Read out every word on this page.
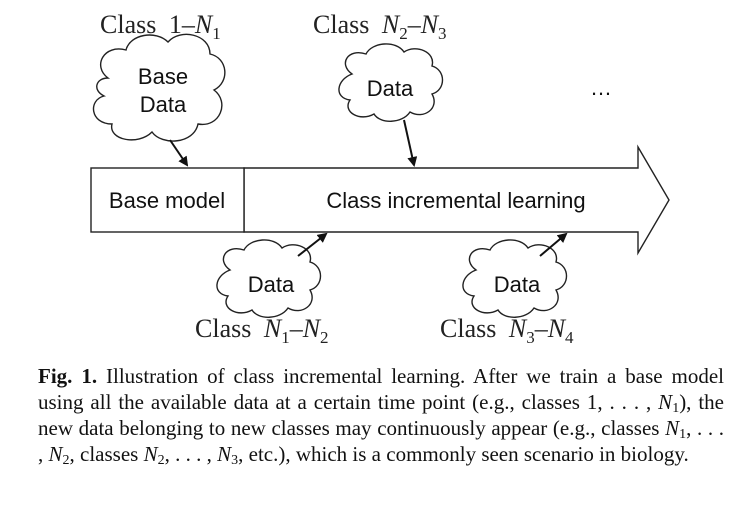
Base model	Class incremental learning
Base
Data
Data
Data	Data
…
Class $1-N_1$	Class $N_2-N_3$
Class $N_1-N_2$	Class $N_3-N_4$

Fig. 1. Illustration of class incremental learning. After we train a base model using all the available data at a certain time point (e.g., classes 1, . . . , $N_1$), the new data belonging to new classes may continuously appear (e.g., classes $N_1$, . . . , $N_2$, classes $N_2$, . . . , $N_3$, etc.), which is a commonly seen scenario in biology.
